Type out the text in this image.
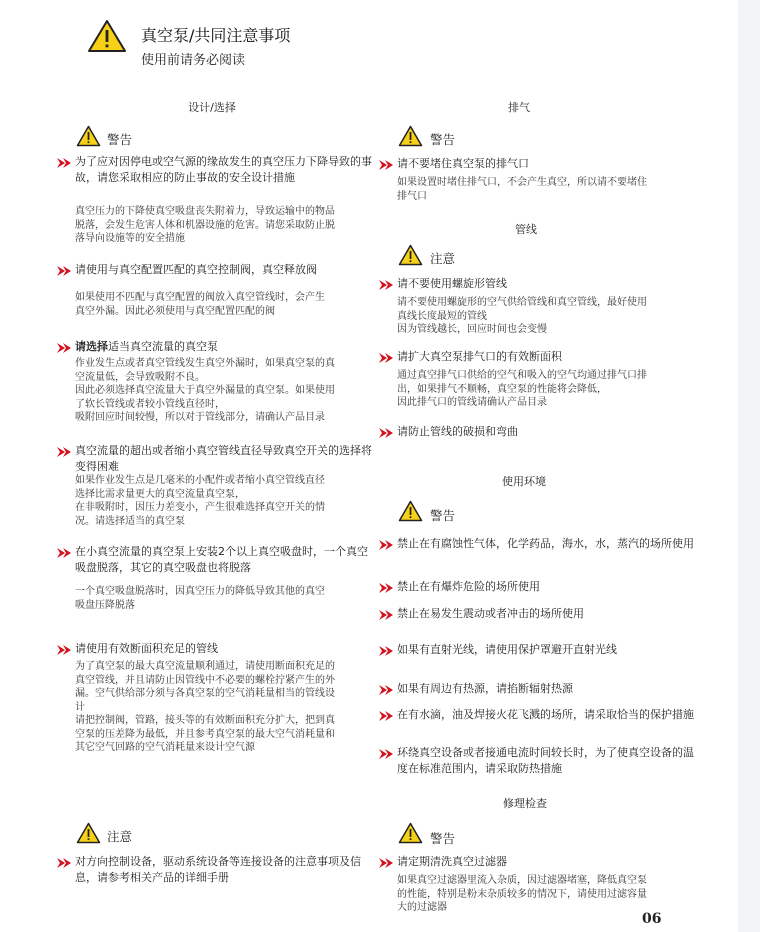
真空泵/共同注意事项
使用前请务必阅读
设计/选择
警告
为了应对因停电或空气源的缘故发生的真空压力下降导致的事故，请您采取相应的防止事故的安全设计措施
真空压力的下降使真空吸盘丧失附着力，导致运输中的物品
脱落，会发生危害人体和机器设施的危害。请您采取防止脱
落导向设施等的安全措施
请使用与真空配置匹配的真空控制阀，真空释放阀
如果使用不匹配与真空配置的阀放入真空管线时，会产生
真空外漏。因此必须使用与真空配置匹配的阀
请选择适当真空流量的真空泵
作业发生点或者真空管线发生真空外漏时，如果真空泵的真
空流量低，会导致吸附不良。
因此必须选择真空流量大于真空外漏量的真空泵。如果使用
了软长管线或者较小管线直径时，
吸附回应时间较慢，所以对于管线部分，请确认产品目录
真空流量的超出或者缩小真空管线直径导致真空开关的选择将变得困难
如果作业发生点是几毫米的小配件或者缩小真空管线直径
选择比需求量更大的真空流量真空泵，
在非吸附时，因压力差变小，产生很难选择真空开关的情
况。请选择适当的真空泵
在小真空流量的真空泵上安装2个以上真空吸盘时，一个真空吸盘脱落，其它的真空吸盘也将脱落
一个真空吸盘脱落时，因真空压力的降低导致其他的真空
吸盘压降脱落
请使用有效断面积充足的管线
为了真空泵的最大真空流量顺利通过，请使用断面积充足的
真空管线，并且请防止因管线中不必要的螺栓拧紧产生的外
漏。空气供给部分须与各真空泵的空气消耗量相当的管线设
计
请把控制阀，管路，接头等的有效断面积充分扩大，把到真
空泵的压差降为最低，并且参考真空泵的最大空气消耗量和
其它空气回路的空气消耗量来设计空气源
注意
对方向控制设备，驱动系统设备等连接设备的注意事项及信息，请参考相关产品的详细手册
排气
警告
请不要堵住真空泵的排气口
如果设置时堵住排气口，不会产生真空，所以请不要堵住
排气口
管线
注意
请不要使用螺旋形管线
请不要使用螺旋形的空气供给管线和真空管线，最好使用
真线长度最短的管线
因为管线越长，回应时间也会变慢
请扩大真空泵排气口的有效断面积
通过真空排气口供给的空气和吸入的空气均通过排气口排
出，如果排气不顺畅，真空泵的性能将会降低，
因此排气口的管线请确认产品目录
请防止管线的破损和弯曲
使用环境
警告
禁止在有腐蚀性气体，化学药品，海水，水，蒸汽的场所使用
禁止在有爆炸危险的场所使用
禁止在易发生震动或者冲击的场所使用
如果有直射光线，请使用保护罩避开直射光线
如果有周边有热源，请掐断辐射热源
在有水滴，油及焊接火花飞溅的场所，请采取恰当的保护措施
环绕真空设备或者接通电流时间较长时，为了使真空设备的温度在标准范围内，请采取防热措施
修理检查
警告
请定期清洗真空过滤器
如果真空过滤器里流入杂质，因过滤器堵塞，降低真空泵
的性能，特别是粉末杂质较多的情况下，请使用过滤容量
大的过滤器
06
